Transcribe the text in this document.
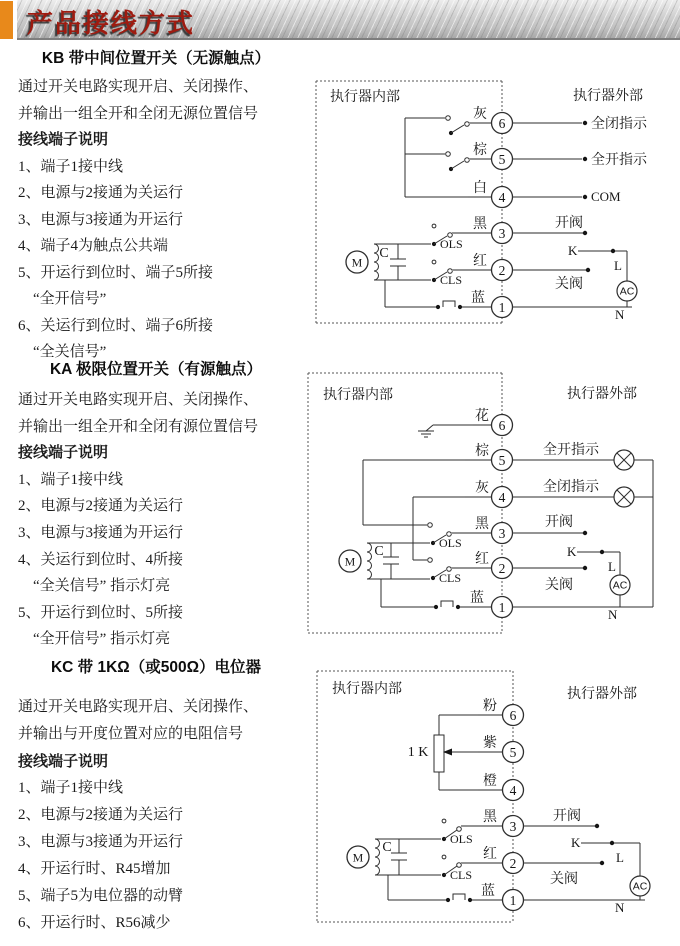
产品接线方式
KB 带中间位置开关（无源触点）
通过开关电路实现开启、关闭操作、
并输出一组全开和全闭无源位置信号
接线端子说明
1、端子1接中线
2、电源与2接通为关运行
3、电源与3接通为开运行
4、端子4为触点公共端
5、开运行到位时、端子5所接
“全开信号”
6、关运行到位时、端子6所接
“全关信号”
KA 极限位置开关（有源触点）
通过开关电路实现开启、关闭操作、
并输出一组全开和全闭有源位置信号
接线端子说明
1、端子1接中线
2、电源与2接通为关运行
3、电源与3接通为开运行
4、关运行到位时、4所接
“全关信号” 指示灯亮
5、开运行到位时、5所接
“全开信号” 指示灯亮
KC 带 1KΩ（或500Ω）电位器
通过开关电路实现开启、关闭操作、
并输出与开度位置对应的电阻信号
接线端子说明
1、端子1接中线
2、电源与2接通为关运行
3、电源与3接通为开运行
4、开运行时、R45增加
5、端子5为电位器的动臂
6、开运行时、R56减少
执行器内部	执行器外部
灰
棕
白
M
C
OLS
CLS
黑
红
蓝
6
5
4
3
2
1
全闭指示
全开指示
COM
开阀
关阀
K
L
AC
N
执行器内部	执行器外部
花
棕
灰
M
C
OLS
CLS
黑
红
蓝
6
5
4
3
2
1
全开指示
全闭指示
开阀
关阀
K
L
AC
N
执行器内部	执行器外部
1 K
粉
紫
橙
M
C
OLS
CLS
黑
红
蓝
6
5
4
3
2
1
开阀
关阀
K
L
AC
N
